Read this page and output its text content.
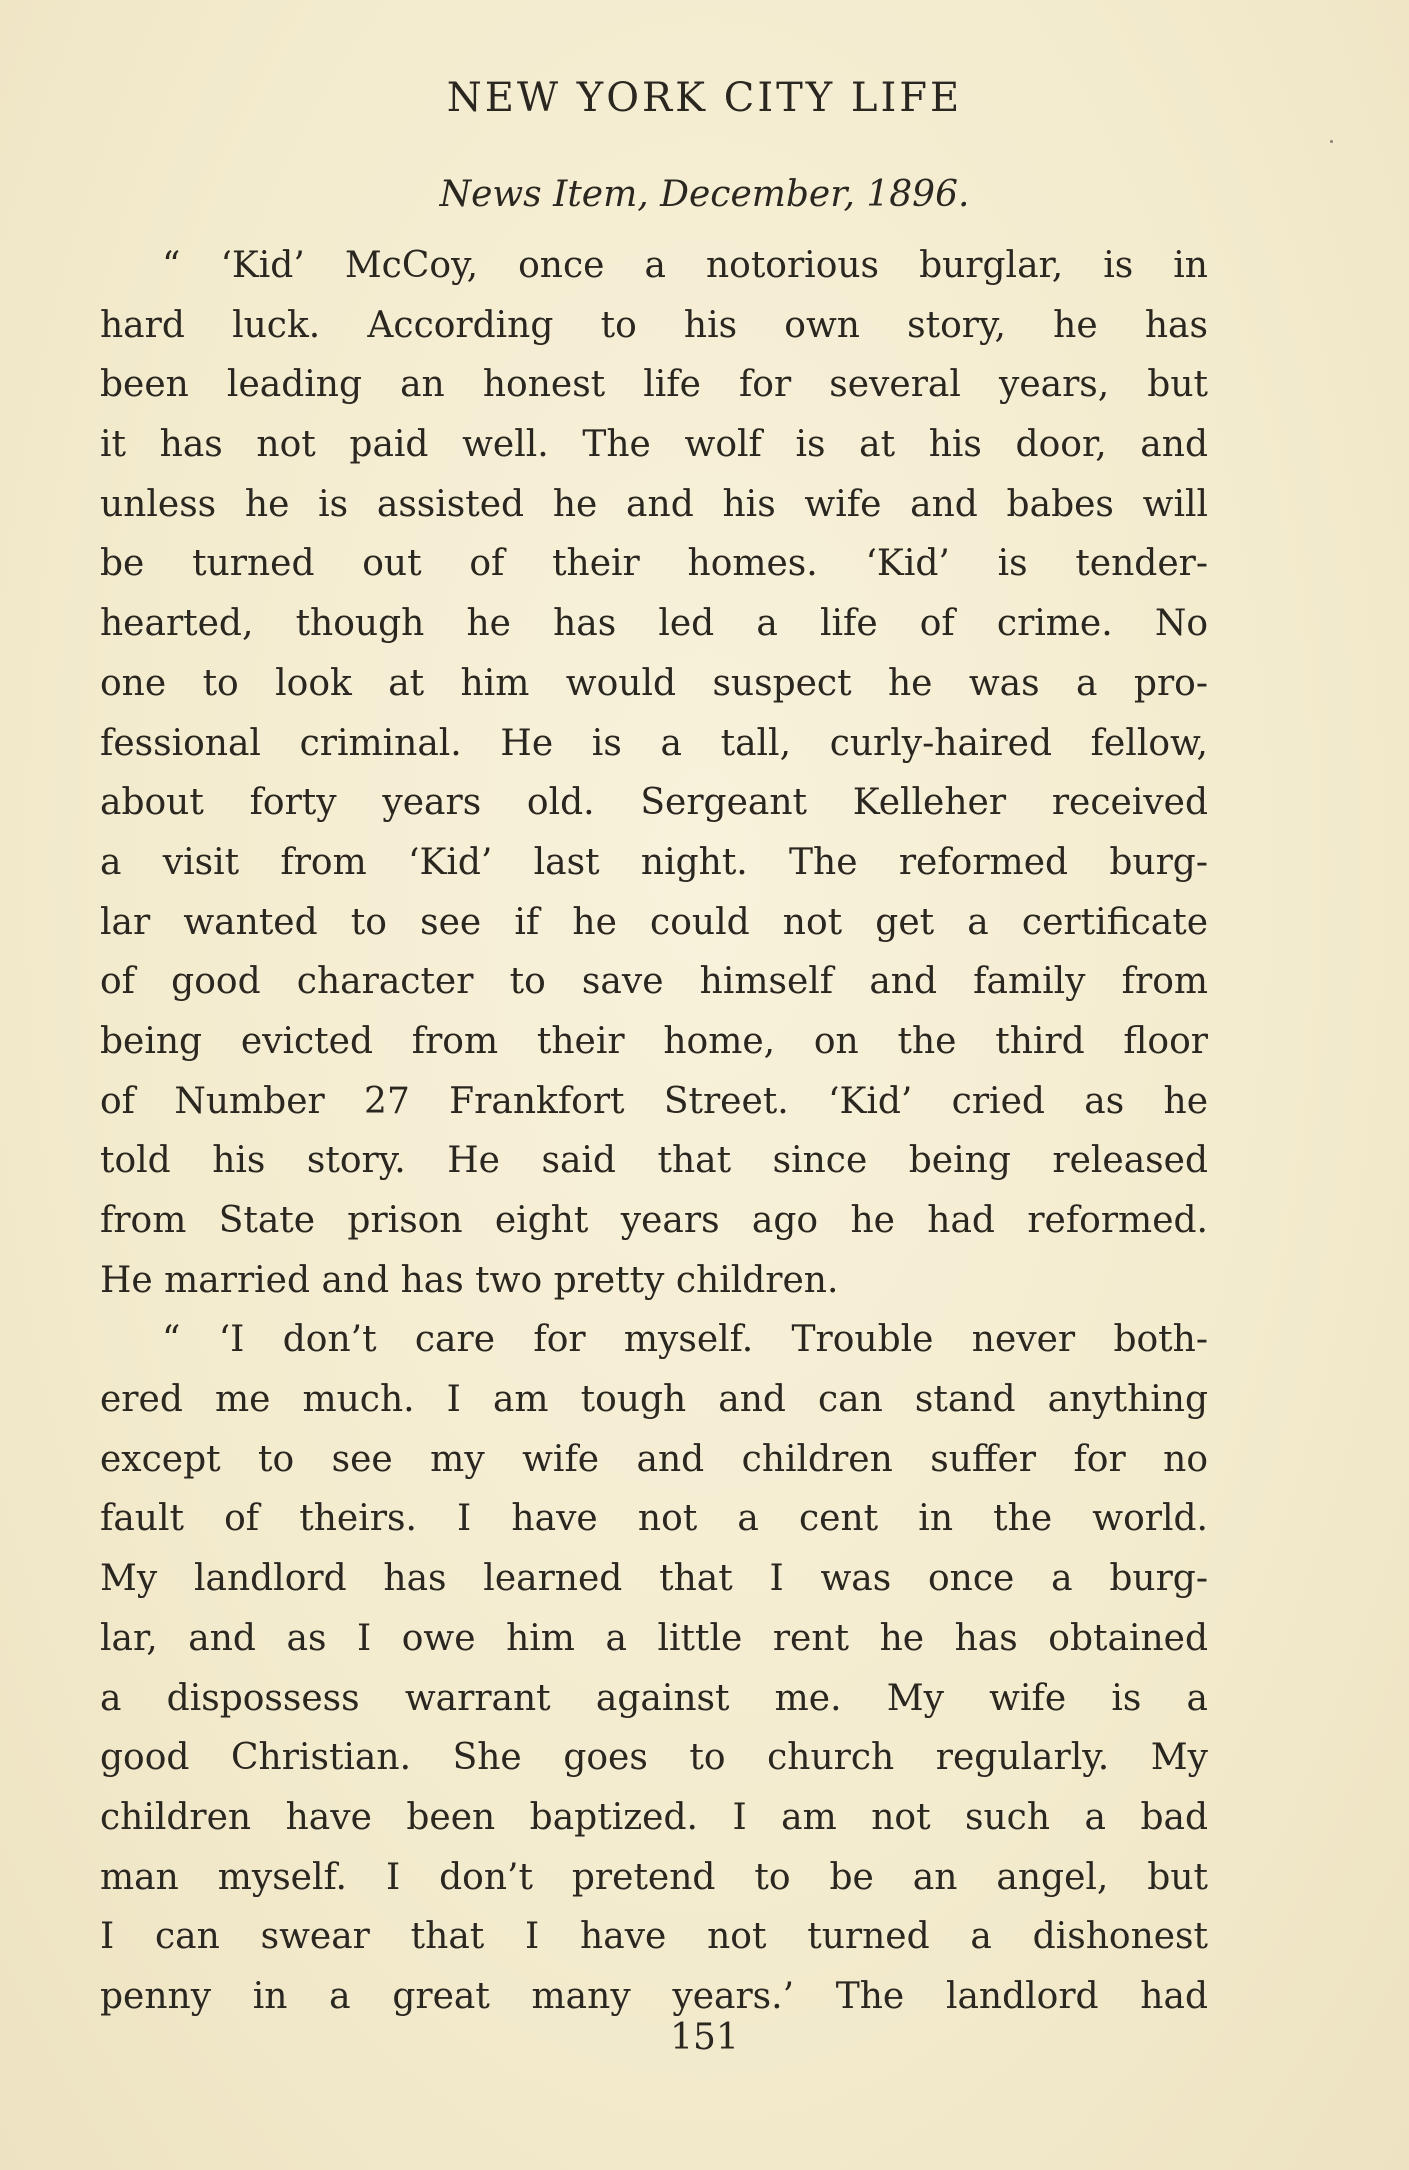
NEW YORK CITY LIFE
News Item, December, 1896.
“ ‘Kid’ McCoy, once a notorious burglar, is in
hard luck. According to his own story, he has
been leading an honest life for several years, but
it has not paid well. The wolf is at his door, and
unless he is assisted he and his wife and babes will
be turned out of their homes. ‘Kid’ is tender-
hearted, though he has led a life of crime. No
one to look at him would suspect he was a pro-
fessional criminal. He is a tall, curly-haired fellow,
about forty years old. Sergeant Kelleher received
a visit from ‘Kid’ last night. The reformed burg-
lar wanted to see if he could not get a certificate
of good character to save himself and family from
being evicted from their home, on the third floor
of Number 27 Frankfort Street. ‘Kid’ cried as he
told his story. He said that since being released
from State prison eight years ago he had reformed.
He married and has two pretty children.
“ ‘I don’t care for myself. Trouble never both-
ered me much. I am tough and can stand anything
except to see my wife and children suffer for no
fault of theirs. I have not a cent in the world.
My landlord has learned that I was once a burg-
lar, and as I owe him a little rent he has obtained
a dispossess warrant against me. My wife is a
good Christian. She goes to church regularly. My
children have been baptized. I am not such a bad
man myself. I don’t pretend to be an angel, but
I can swear that I have not turned a dishonest
penny in a great many years.’ The landlord had
151
